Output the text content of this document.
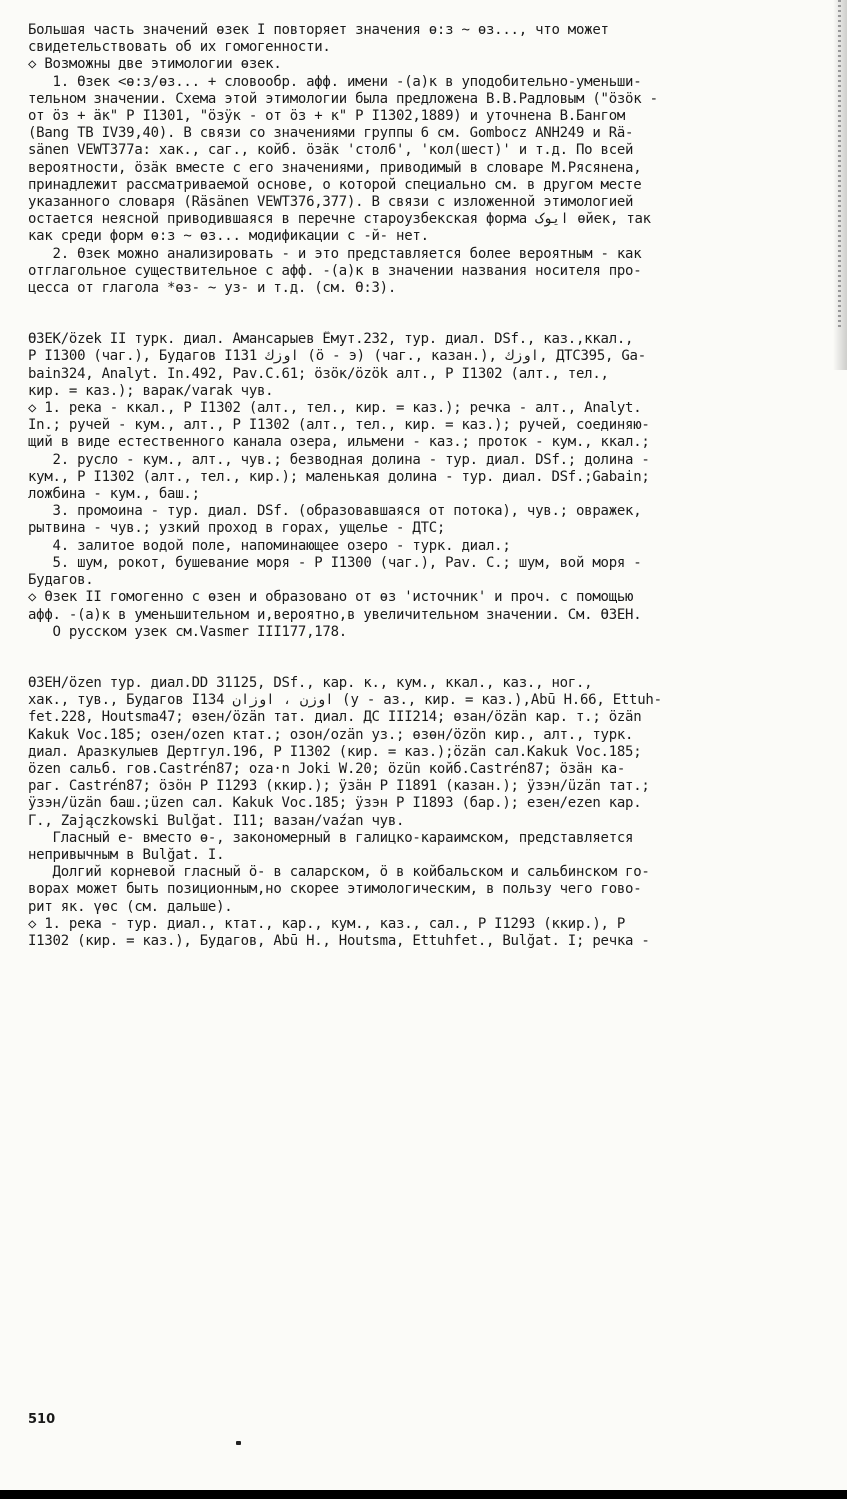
Большая часть значений өзек I повторяет значения ө:з ~ өз..., что может
свидетельствовать об их гомогенности.
◇ Возможны две этимологии өзек.
1. Өзек <ө:з/өз... + словообр. афф. имени -(а)к в уподобительно-уменьши-
тельном значении. Схема этой этимологии была предложена В.В.Радловым ("ӧзӧк -
от ӧз + ӓк" Р I1301, "ӧзӱк - от ӧз + к" Р I1302,1889) и уточнена В.Бангом
(Bang TB IV39,40). В связи со значениями группы 6 см. Gombocz ANH249 и Rä-
sänen VEWT377а: хак., саг., койб. öзäк 'стол6', 'кол(шест)' и т.д. По всей
вероятности, öзäк вместе с его значениями, приводимый в словаре М.Рясянена,
принадлежит рассматриваемой основе, о которой специально см. в другом месте
указанного словаря (Räsänen VEWT376,377). В связи с изложенной этимологией
остается неясной приводившаяся в перечне староузбекская форма ایوک өйек, так
как среди форм ө:з ~ өз... модификации с -й- нет.
2. Өзек можно анализировать - и это представляется более вероятным - как
отглагольное существительное с афф. -(а)к в значении названия носителя про-
цесса от глагола *өз- ~ уз- и т.д. (см. Ө:З).
ӨЗЕК/ӧzek II турк. диал. Амансарыев Ёмут.232, тур. диал. DSf., каз.,ккал.,
Р I1300 (чаг.), Будагов I131 اوزك (ӧ - э) (чаг., казан.), اوزك, ДТС395, Ga-
bain324, Analyt. In.492, Pav.C.61; ӧзӧк/ӧzӧk алт., Р I1302 (алт., тел.,
кир. = каз.); варак/varak чув.
◇ 1. река - ккал., Р I1302 (алт., тел., кир. = каз.); речка - алт., Analyt.
In.; ручей - кум., алт., Р I1302 (алт., тел., кир. = каз.); ручей, соединяю-
щий в виде естественного канала озера, ильмени - каз.; проток - кум., ккал.;
2. русло - кум., алт., чув.; безводная долина - тур. диал. DSf.; долина -
кум., Р I1302 (алт., тел., кир.); маленькая долина - тур. диал. DSf.;Gabain;
ложбина - кум., баш.;
3. промоина - тур. диал. DSf. (образовавшаяся от потока), чув.; овражек,
рытвина - чув.; узкий проход в горах, ущелье - ДТС;
4. залитое водой поле, напоминающее озеро - турк. диал.;
5. шум, рокот, бушевание моря - Р I1300 (чаг.), Pav. C.; шум, вой моря -
Будагов.
◇ Өзек II гомогенно с өзен и образовано от өз 'источник' и проч. с помощью
афф. -(а)к в уменьшительном и,вероятно,в увеличительном значении. См. ӨЗЕН.
О русском узек см.Vasmer III177,178.
ӨЗЕН/özen тур. диал.DD 31125, DSf., кар. к., кум., ккал., каз., ног.,
хак., тув., Будагов I134 اوزن ، اوزان (у - аз., кир. = каз.),Abū H.66, Ettuh-
fet.228, Houtsma47; өзен/özän тат. диал. ДС III214; өзан/özän кар. т.; özän
Kakuk Voc.185; озен/ozen ктат.; озон/ozän уз.; өзөн/özön кир., алт., турк.
диал. Аразкулыев Дертгул.196, Р I1302 (кир. = каз.);özän сал.Kakuk Voc.185;
özen сальб. гов.Castrén87; oza·n Joki W.20; özün койб.Castrén87; öзäн ка-
раг. Castrén87; ӧзӧн Р I1293 (ккир.); ӱзäн Р I1891 (казан.); ӱзэн/üzän тат.;
ӱзэн/üzän баш.;üzen сал. Kakuk Voc.185; ӱзэн Р I1893 (бар.); езен/ezen кар.
Г., Zajączkowski Bulğat. I11; вазан/vaźan чув.
Гласный е- вместо ө-, закономерный в галицко-караимском, представляется
непривычным в Bulğat. I.
Долгий корневой гласный ӧ- в саларском, ȫ в койбальском и сальбинском го-
ворах может быть позиционным,но скорее этимологическим, в пользу чего гово-
рит як. үөс (см. дальше).
◇ 1. река - тур. диал., ктат., кар., кум., каз., сал., Р I1293 (ккир.), Р
I1302 (кир. = каз.), Будагов, Abū H., Houtsma, Ettuhfet., Bulğat. I; речка -
510
